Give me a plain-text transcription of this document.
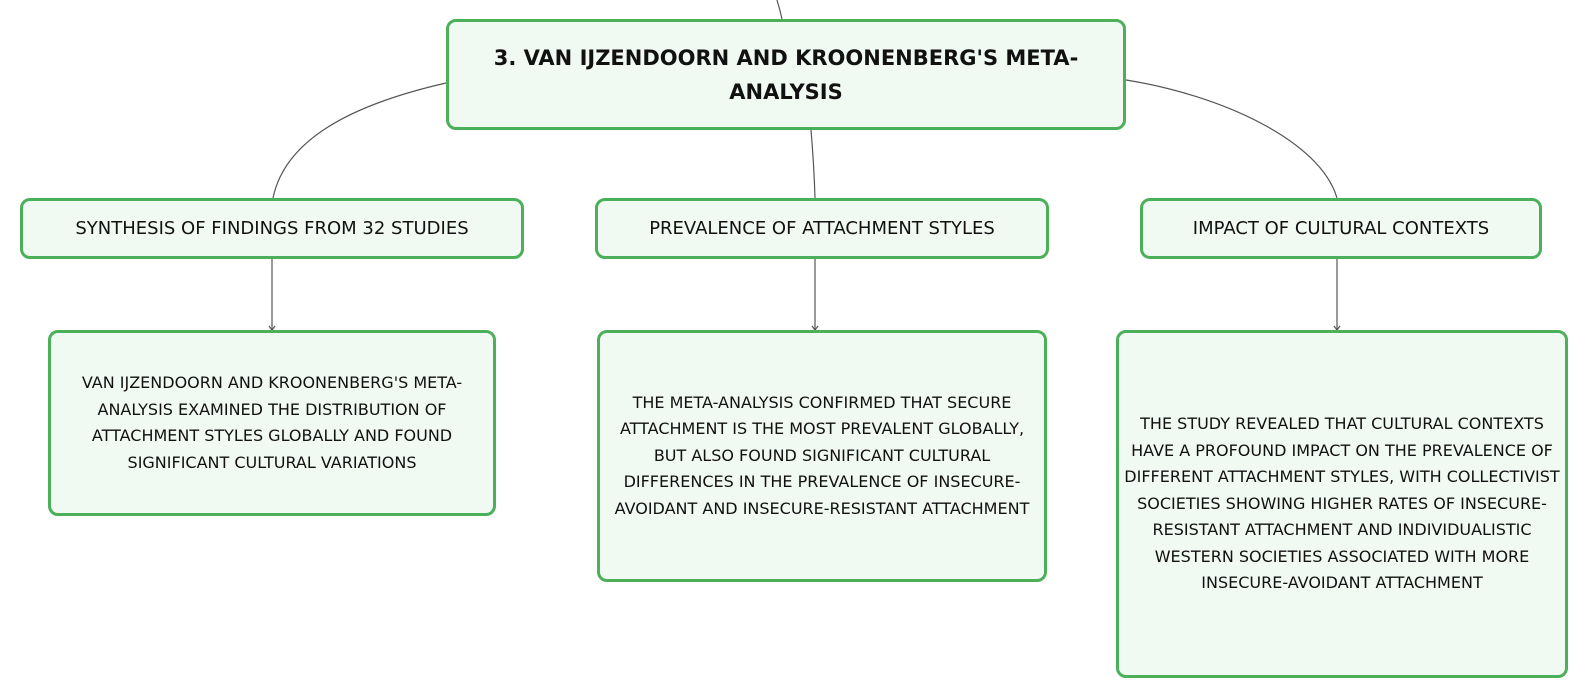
3. VAN IJZENDOORN AND KROONENBERG'S META-ANALYSIS
SYNTHESIS OF FINDINGS FROM 32 STUDIES	PREVALENCE OF ATTACHMENT STYLES	IMPACT OF CULTURAL CONTEXTS
VAN IJZENDOORN AND KROONENBERG'S META-ANALYSIS EXAMINED THE DISTRIBUTION OF ATTACHMENT STYLES GLOBALLY AND FOUND SIGNIFICANT CULTURAL VARIATIONS
THE META-ANALYSIS CONFIRMED THAT SECURE ATTACHMENT IS THE MOST PREVALENT GLOBALLY, BUT ALSO FOUND SIGNIFICANT CULTURAL DIFFERENCES IN THE PREVALENCE OF INSECURE-AVOIDANT AND INSECURE-RESISTANT ATTACHMENT
THE STUDY REVEALED THAT CULTURAL CONTEXTS HAVE A PROFOUND IMPACT ON THE PREVALENCE OF DIFFERENT ATTACHMENT STYLES, WITH COLLECTIVIST SOCIETIES SHOWING HIGHER RATES OF INSECURE-RESISTANT ATTACHMENT AND INDIVIDUALISTIC WESTERN SOCIETIES ASSOCIATED WITH MORE INSECURE-AVOIDANT ATTACHMENT
